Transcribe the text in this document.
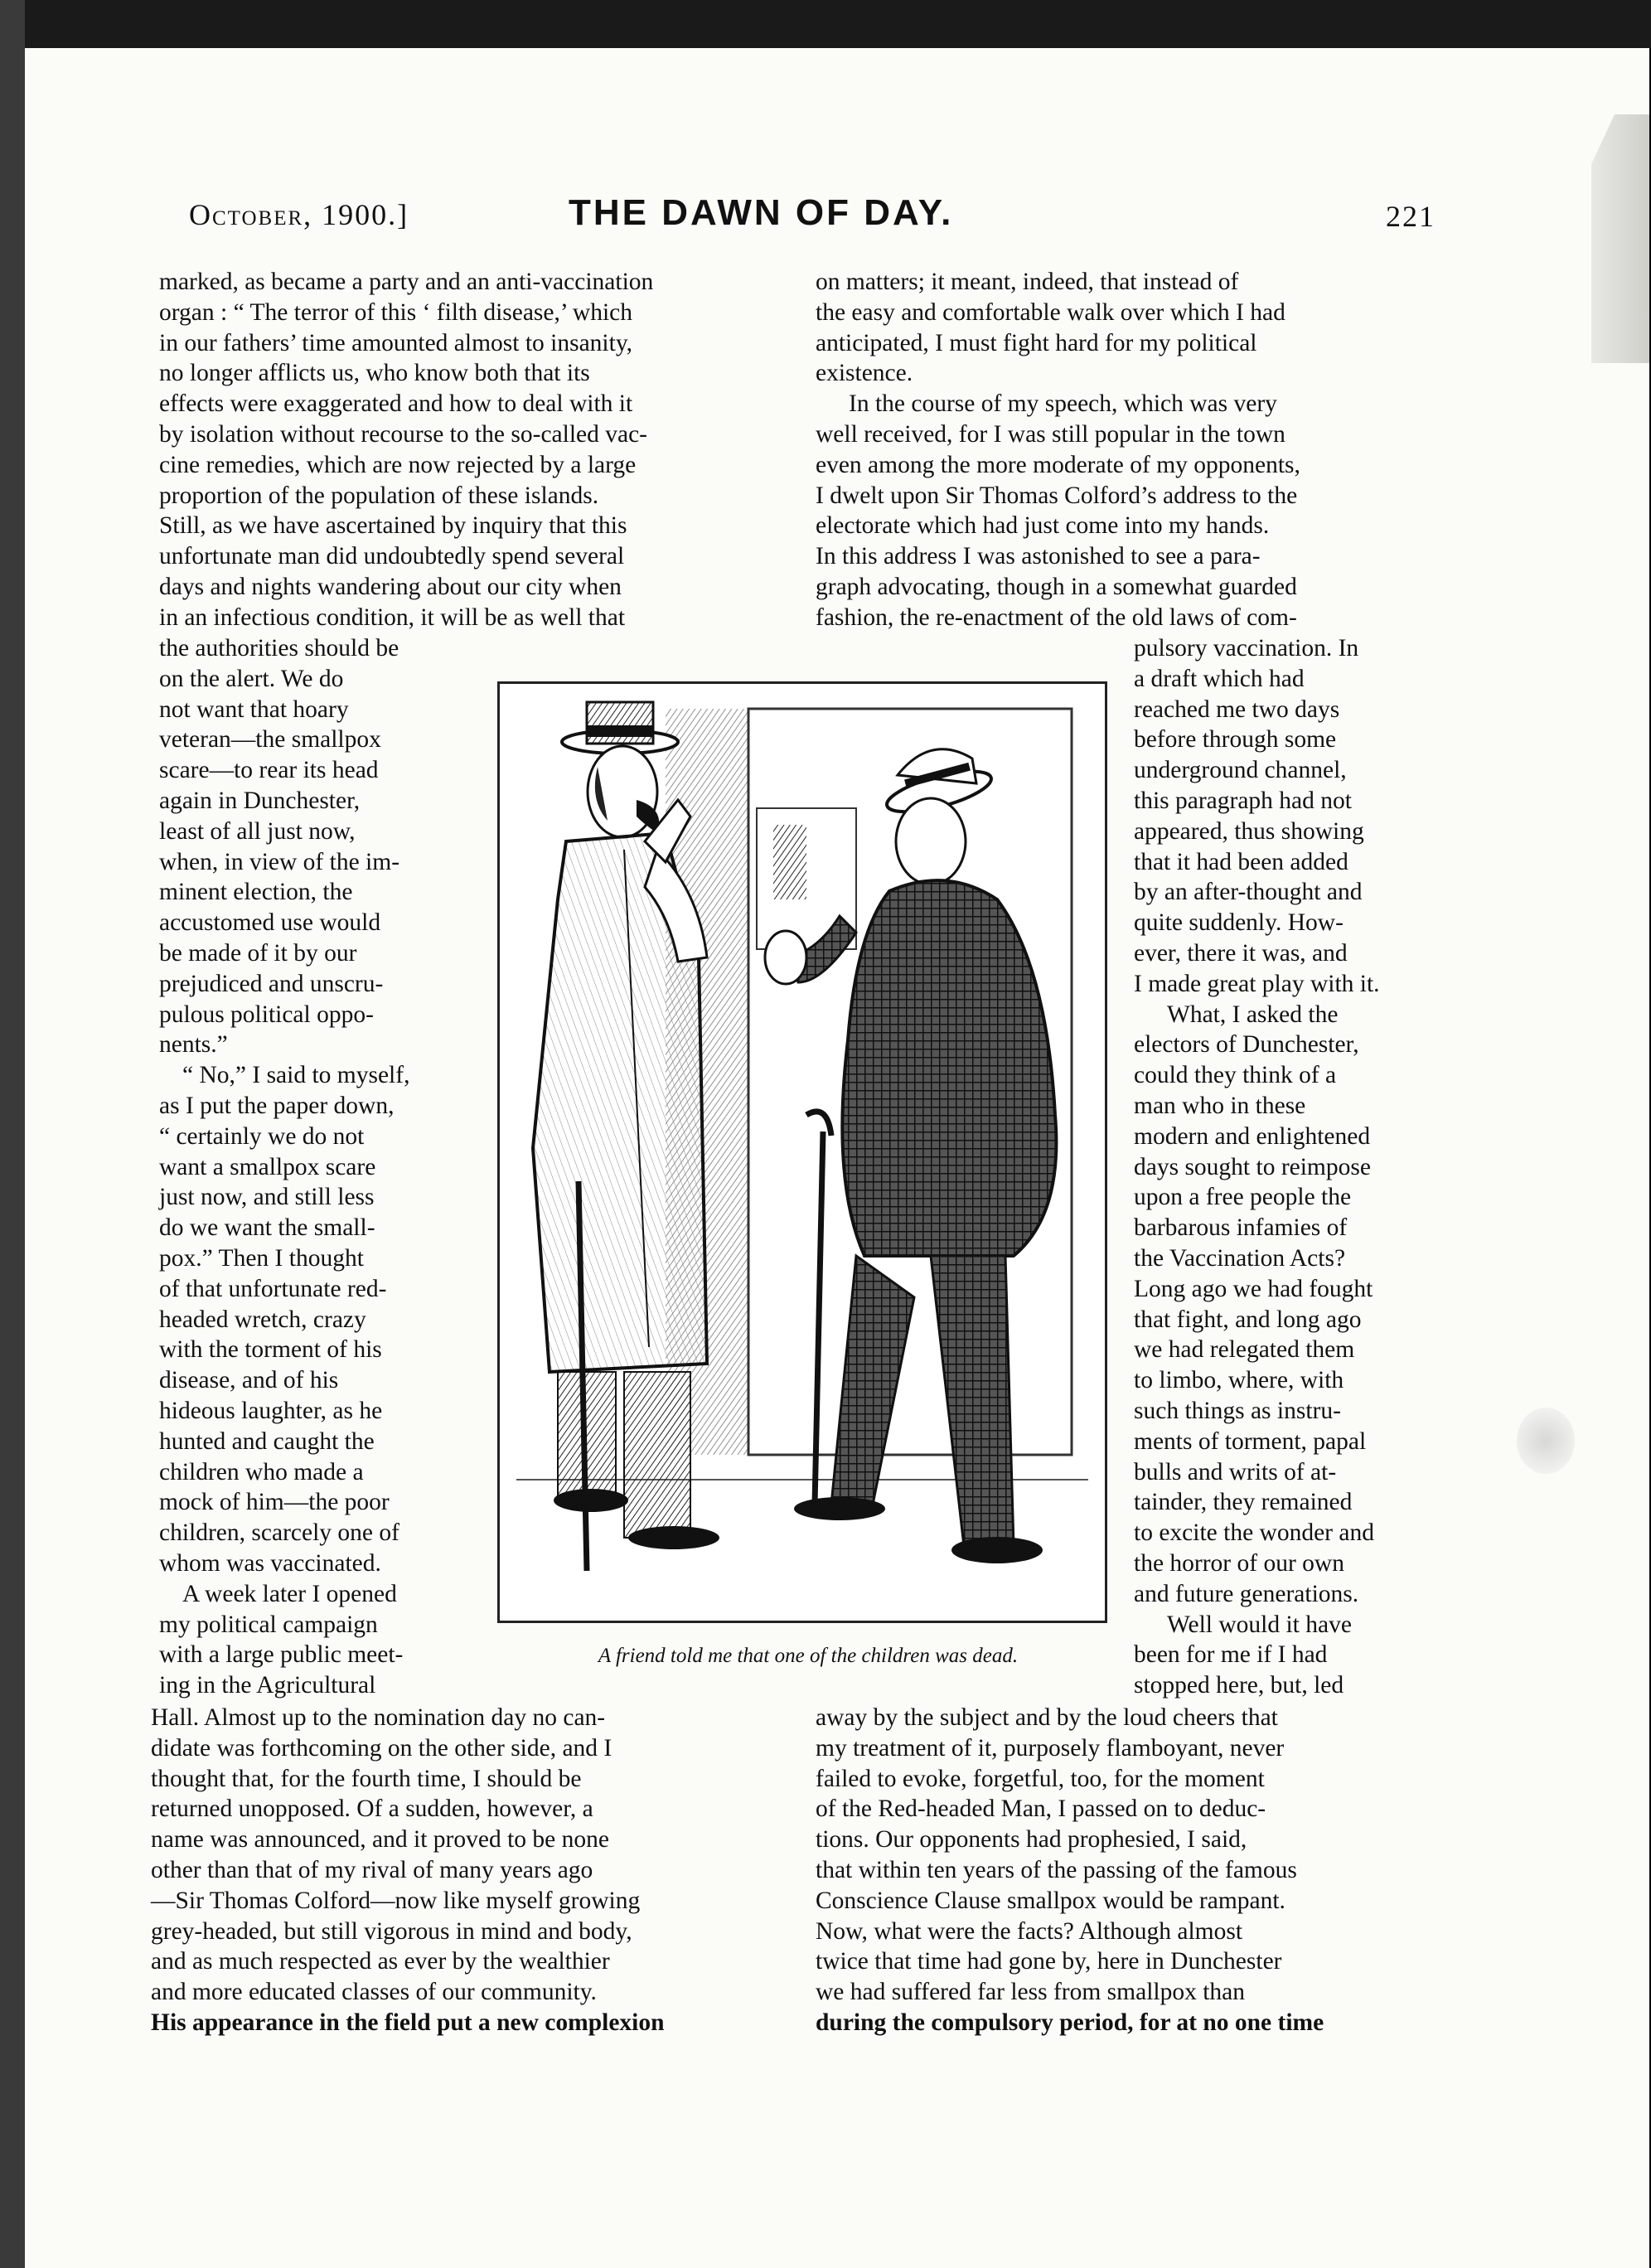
October, 1900.]	THE DAWN OF DAY.	221
marked, as became a party and an anti-vaccination
organ : “ The terror of this ‘ filth disease,’ which
in our fathers’ time amounted almost to insanity,
no longer afflicts us, who know both that its
effects were exaggerated and how to deal with it
by isolation without recourse to the so-called vac-
cine remedies, which are now rejected by a large
proportion of the population of these islands.
Still, as we have ascertained by inquiry that this
unfortunate man did undoubtedly spend several
days and nights wandering about our city when
in an infectious condition, it will be as well that
the authorities should be
on the alert. We do
not want that hoary
veteran—the smallpox
scare—to rear its head
again in Dunchester,
least of all just now,
when, in view of the im-
minent election, the
accustomed use would
be made of it by our
prejudiced and unscru-
pulous political oppo-
nents.”
“ No,” I said to myself,
as I put the paper down,
“ certainly we do not
want a smallpox scare
just now, and still less
do we want the small-
pox.” Then I thought
of that unfortunate red-
headed wretch, crazy
with the torment of his
disease, and of his
hideous laughter, as he
hunted and caught the
children who made a
mock of him—the poor
children, scarcely one of
whom was vaccinated.
A week later I opened
my political campaign
with a large public meet-
ing in the Agricultural
Hall. Almost up to the nomination day no can-
didate was forthcoming on the other side, and I
thought that, for the fourth time, I should be
returned unopposed. Of a sudden, however, a
name was announced, and it proved to be none
other than that of my rival of many years ago
—Sir Thomas Colford—now like myself growing
grey-headed, but still vigorous in mind and body,
and as much respected as ever by the wealthier
and more educated classes of our community.
His appearance in the field put a new complexion
on matters; it meant, indeed, that instead of
the easy and comfortable walk over which I had
anticipated, I must fight hard for my political
existence.
In the course of my speech, which was very
well received, for I was still popular in the town
even among the more moderate of my opponents,
I dwelt upon Sir Thomas Colford’s address to the
electorate which had just come into my hands.
In this address I was astonished to see a para-
graph advocating, though in a somewhat guarded
fashion, the re-enactment of the old laws of com-
pulsory vaccination. In
a draft which had
reached me two days
before through some
underground channel,
this paragraph had not
appeared, thus showing
that it had been added
by an after-thought and
quite suddenly. How-
ever, there it was, and
I made great play with it.
What, I asked the
electors of Dunchester,
could they think of a
man who in these
modern and enlightened
days sought to reimpose
upon a free people the
barbarous infamies of
the Vaccination Acts?
Long ago we had fought
that fight, and long ago
we had relegated them
to limbo, where, with
such things as instru-
ments of torment, papal
bulls and writs of at-
tainder, they remained
to excite the wonder and
the horror of our own
and future generations.
Well would it have
been for me if I had
stopped here, but, led
away by the subject and by the loud cheers that
my treatment of it, purposely flamboyant, never
failed to evoke, forgetful, too, for the moment
of the Red-headed Man, I passed on to deduc-
tions. Our opponents had prophesied, I said,
that within ten years of the passing of the famous
Conscience Clause smallpox would be rampant.
Now, what were the facts? Although almost
twice that time had gone by, here in Dunchester
we had suffered far less from smallpox than
during the compulsory period, for at no one time
A friend told me that one of the children was dead.
